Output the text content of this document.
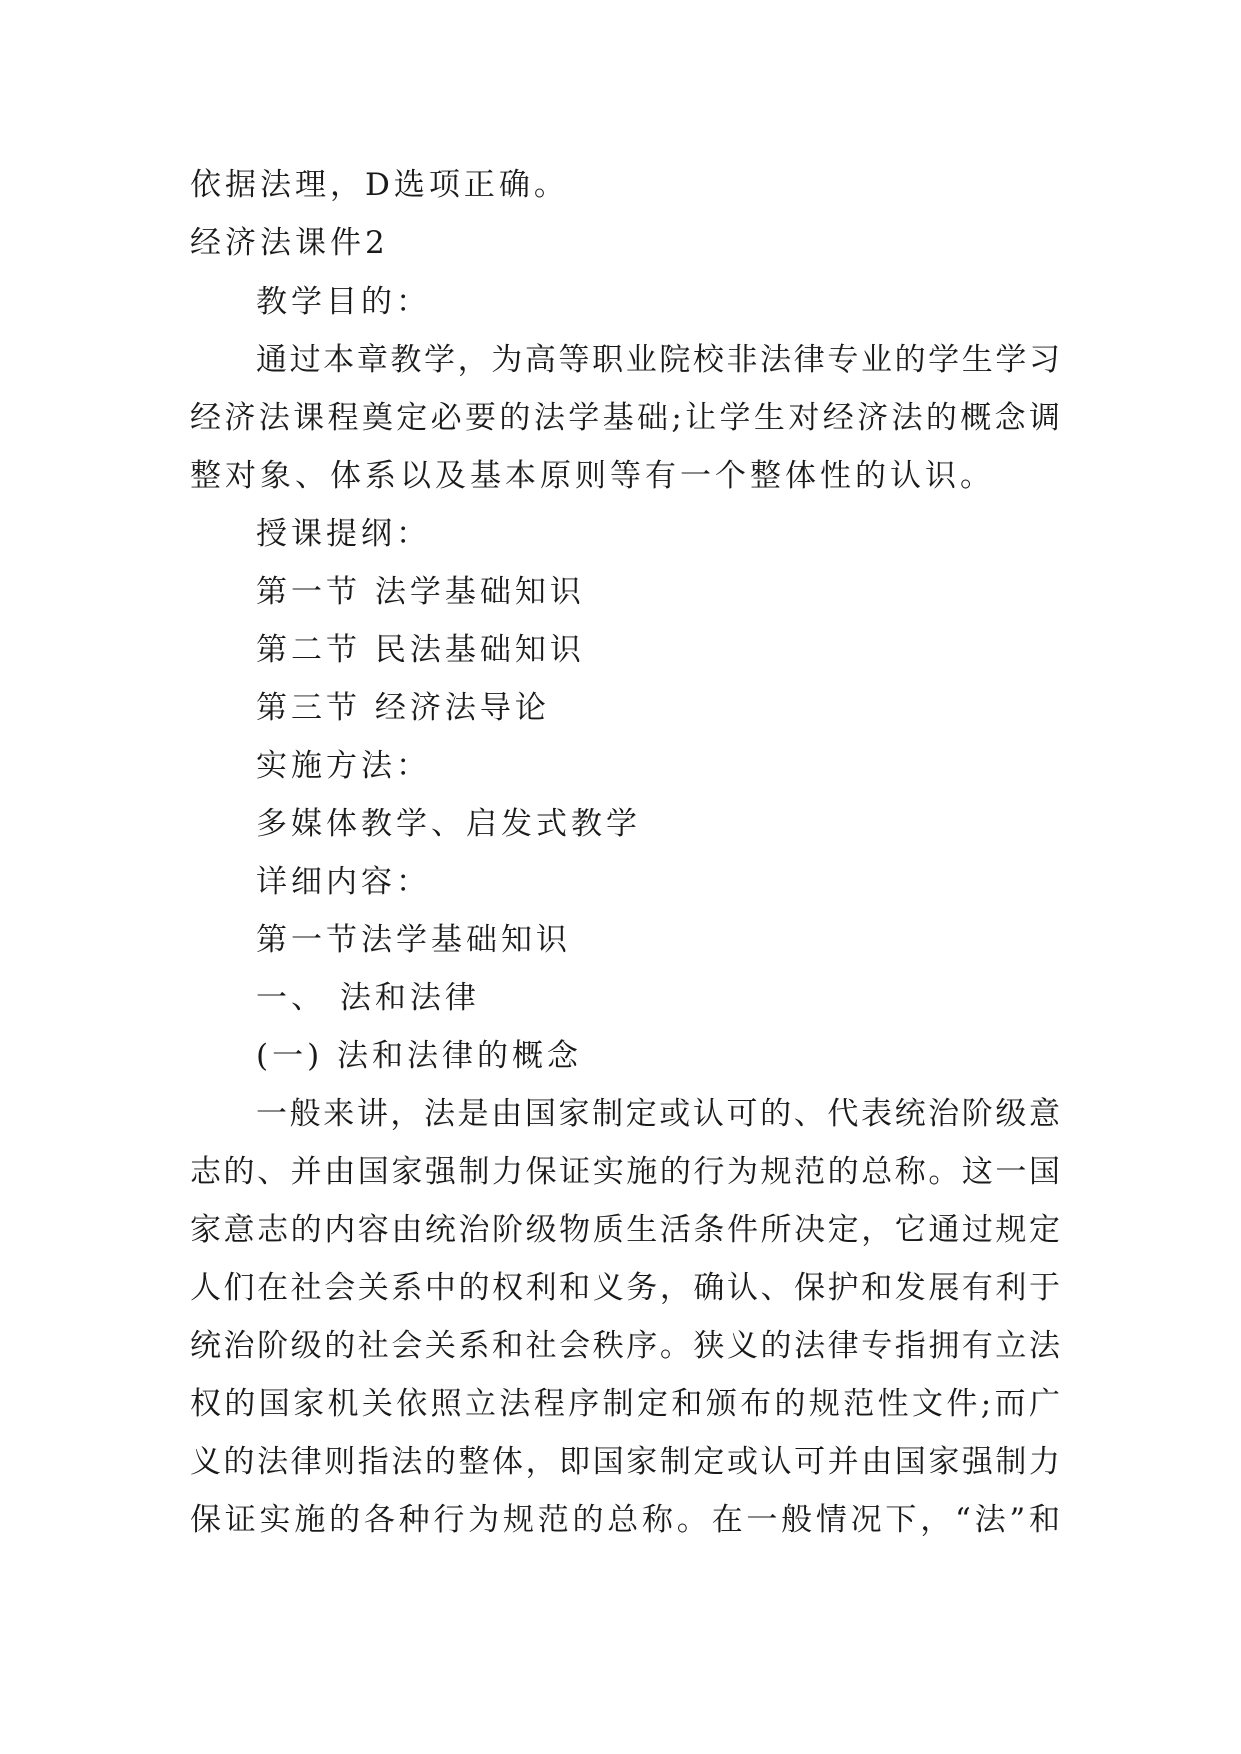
依据法理，D选项正确。
经济法课件2
教学目的：
通过本章教学，为高等职业院校非法律专业的学生学习
经济法课程奠定必要的法学基础;让学生对经济法的概念调
整对象、体系以及基本原则等有一个整体性的认识。
授课提纲：
第一节 法学基础知识
第二节 民法基础知识
第三节 经济法导论
实施方法：
多媒体教学、启发式教学
详细内容：
第一节法学基础知识
一、 法和法律
(一) 法和法律的概念
一般来讲，法是由国家制定或认可的、代表统治阶级意
志的、并由国家强制力保证实施的行为规范的总称。这一国
家意志的内容由统治阶级物质生活条件所决定，它通过规定
人们在社会关系中的权利和义务，确认、保护和发展有利于
统治阶级的社会关系和社会秩序。狭义的法律专指拥有立法
权的国家机关依照立法程序制定和颁布的规范性文件;而广
义的法律则指法的整体，即国家制定或认可并由国家强制力
保证实施的各种行为规范的总称。在一般情况下，“法”和
